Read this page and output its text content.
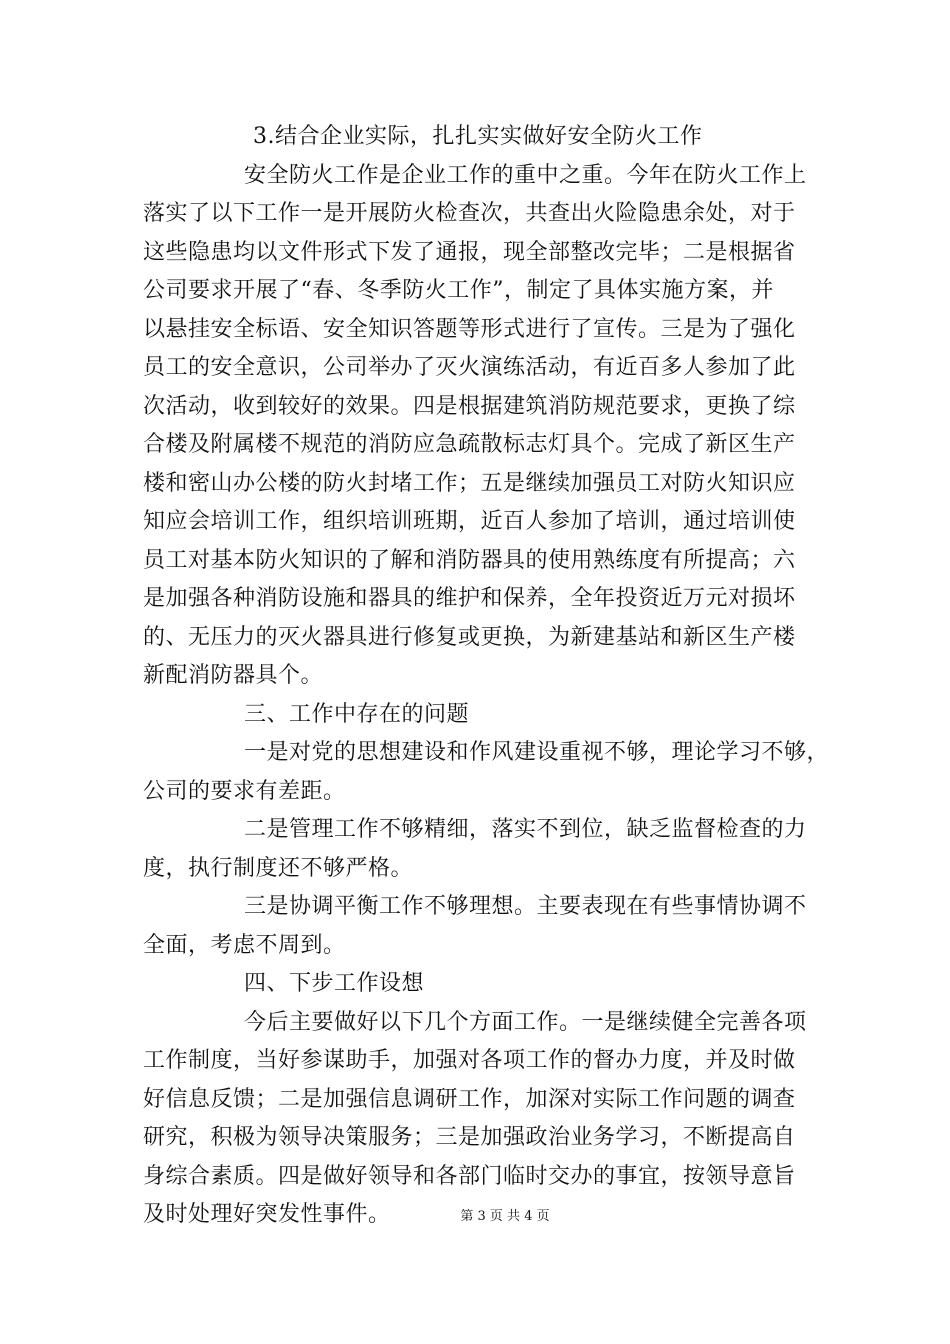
3.结合企业实际，扎扎实实做好安全防火工作
安全防火工作是企业工作的重中之重。今年在防火工作上
落实了以下工作一是开展防火检查次，共查出火险隐患余处，对于
这些隐患均以文件形式下发了通报，现全部整改完毕；二是根据省
公司要求开展了“春、冬季防火工作”，制定了具体实施方案，并
以悬挂安全标语、安全知识答题等形式进行了宣传。三是为了强化
员工的安全意识，公司举办了灭火演练活动，有近百多人参加了此
次活动，收到较好的效果。四是根据建筑消防规范要求，更换了综
合楼及附属楼不规范的消防应急疏散标志灯具个。完成了新区生产
楼和密山办公楼的防火封堵工作；五是继续加强员工对防火知识应
知应会培训工作，组织培训班期，近百人参加了培训，通过培训使
员工对基本防火知识的了解和消防器具的使用熟练度有所提高；六
是加强各种消防设施和器具的维护和保养，全年投资近万元对损坏
的、无压力的灭火器具进行修复或更换，为新建基站和新区生产楼
新配消防器具个。
三、工作中存在的问题
一是对党的思想建设和作风建设重视不够，理论学习不够，
公司的要求有差距。
二是管理工作不够精细，落实不到位，缺乏监督检查的力
度，执行制度还不够严格。
三是协调平衡工作不够理想。主要表现在有些事情协调不
全面，考虑不周到。
四、下步工作设想
今后主要做好以下几个方面工作。一是继续健全完善各项
工作制度，当好参谋助手，加强对各项工作的督办力度，并及时做
好信息反馈；二是加强信息调研工作，加深对实际工作问题的调查
研究，积极为领导决策服务；三是加强政治业务学习，不断提高自
身综合素质。四是做好领导和各部门临时交办的事宜，按领导意旨
及时处理好突发性事件。	第 3 页 共 4 页
